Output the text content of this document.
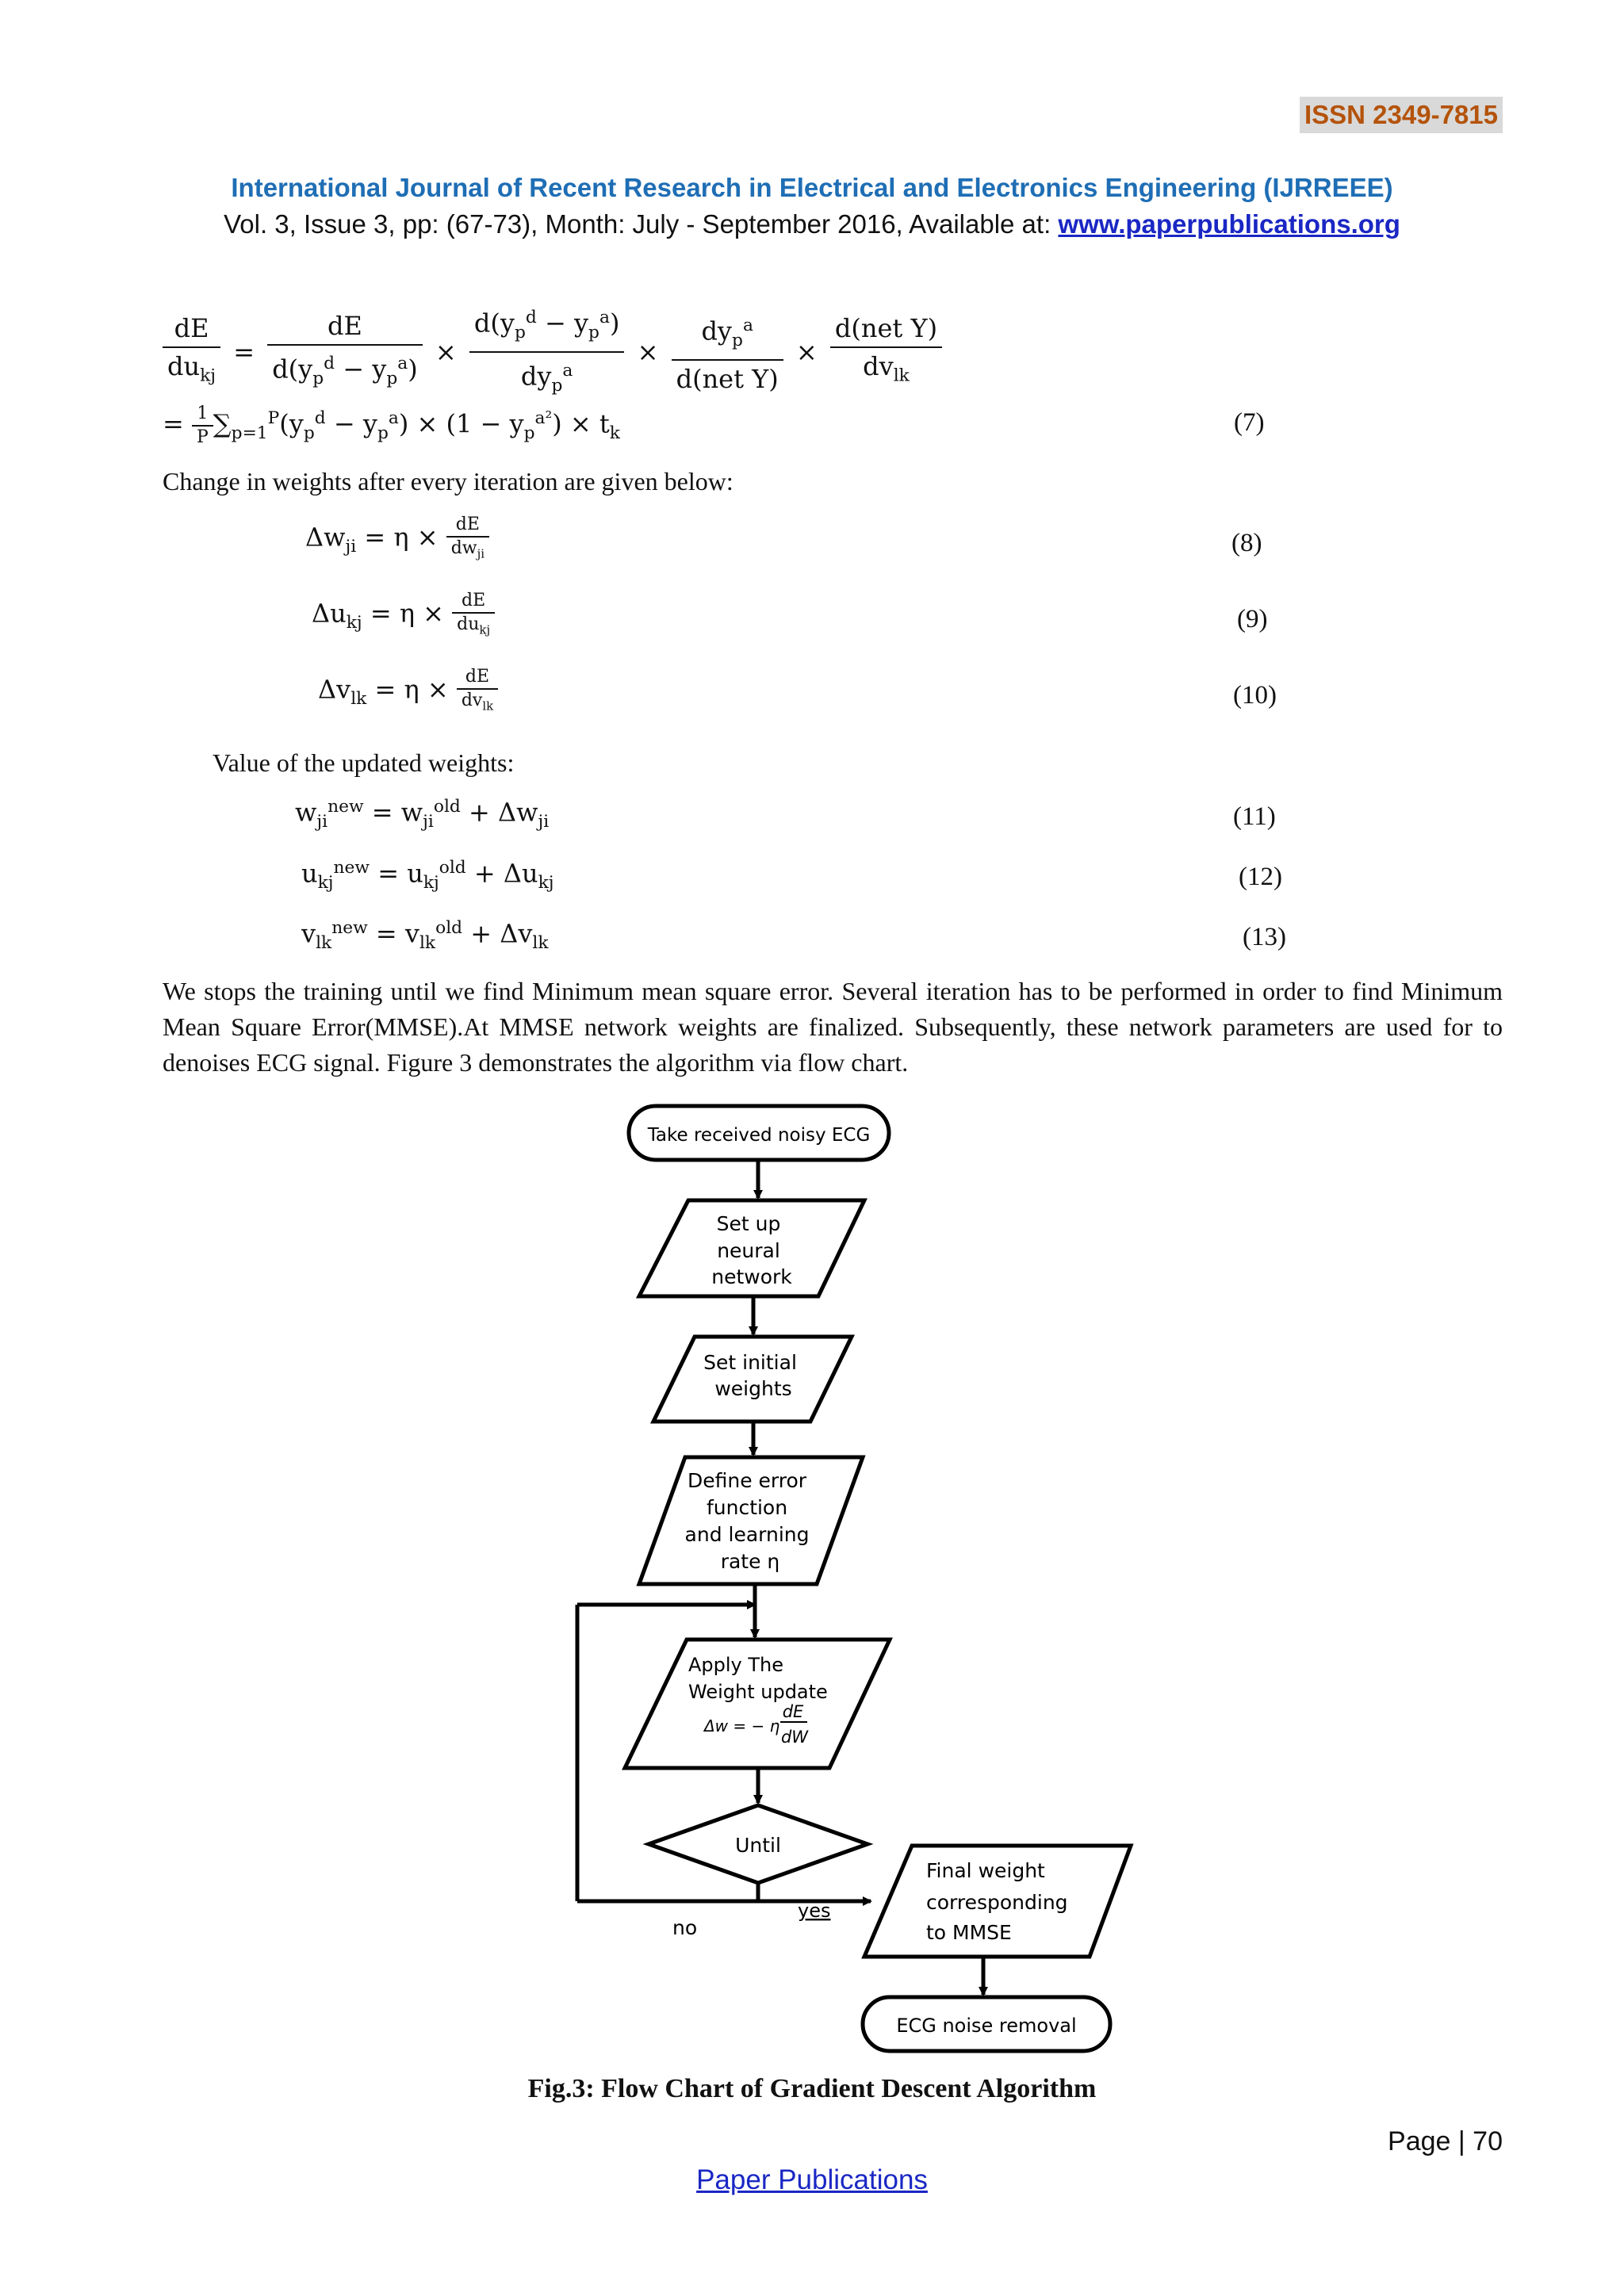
ISSN 2349-7815
International Journal of Recent Research in Electrical and Electronics Engineering (IJRREEE)
Vol. 3, Issue 3, pp: (67-73), Month: July - September 2016, Available at: www.paperpublications.org
$\frac{dE}{du_{kj}} = \frac{dE}{d(y_p^d - y_p^a)} \times \frac{d(y_p^d - y_p^a)}{dy_p^a} \times \frac{dy_p^a}{\text{d(net Y)}} \times \frac{\text{d(net Y)}}{dv_{lk}}$
= $\frac{1}{P} \sum_{p=1}^P(y_p^d - y_p^a) \times (1 - y_p^{a^2}) \times t_k$	(7)
Change in weights after every iteration are given below:
$\Delta w_{ji} = \eta \times \frac{dE}{dw_{ji}}$	(8)
$\Delta u_{kj} = \eta \times \frac{dE}{du_{kj}}$	(9)
$\Delta v_{lk} = \eta \times \frac{dE}{dv_{lk}}$	(10)
Value of the updated weights:
$w_{ji}^{new} = w_{ji}^{old} + \Delta w_{ji}$	(11)
$u_{kj}^{new} = u_{kj}^{old} + \Delta u_{kj}$	(12)
$v_{lk}^{new} = v_{lk}^{old} + \Delta v_{lk}$	(13)
We stops the training until we find Minimum mean square error. Several iteration has to be performed in order to find Minimum Mean Square Error(MMSE).At MMSE network weights are finalized. Subsequently, these network parameters are used for to denoises ECG signal. Figure 3 demonstrates the algorithm via flow chart.
Take received noisy ECG
Set up neural network
Set initial weights
Define error function and learning rate η
Apply The Weight update
Δw = − η
dE
dW
Until
Final weight corresponding to MMSE
ECG noise removal
no
yes
Fig.3: Flow Chart of Gradient Descent Algorithm
Page | 70
Paper Publications
